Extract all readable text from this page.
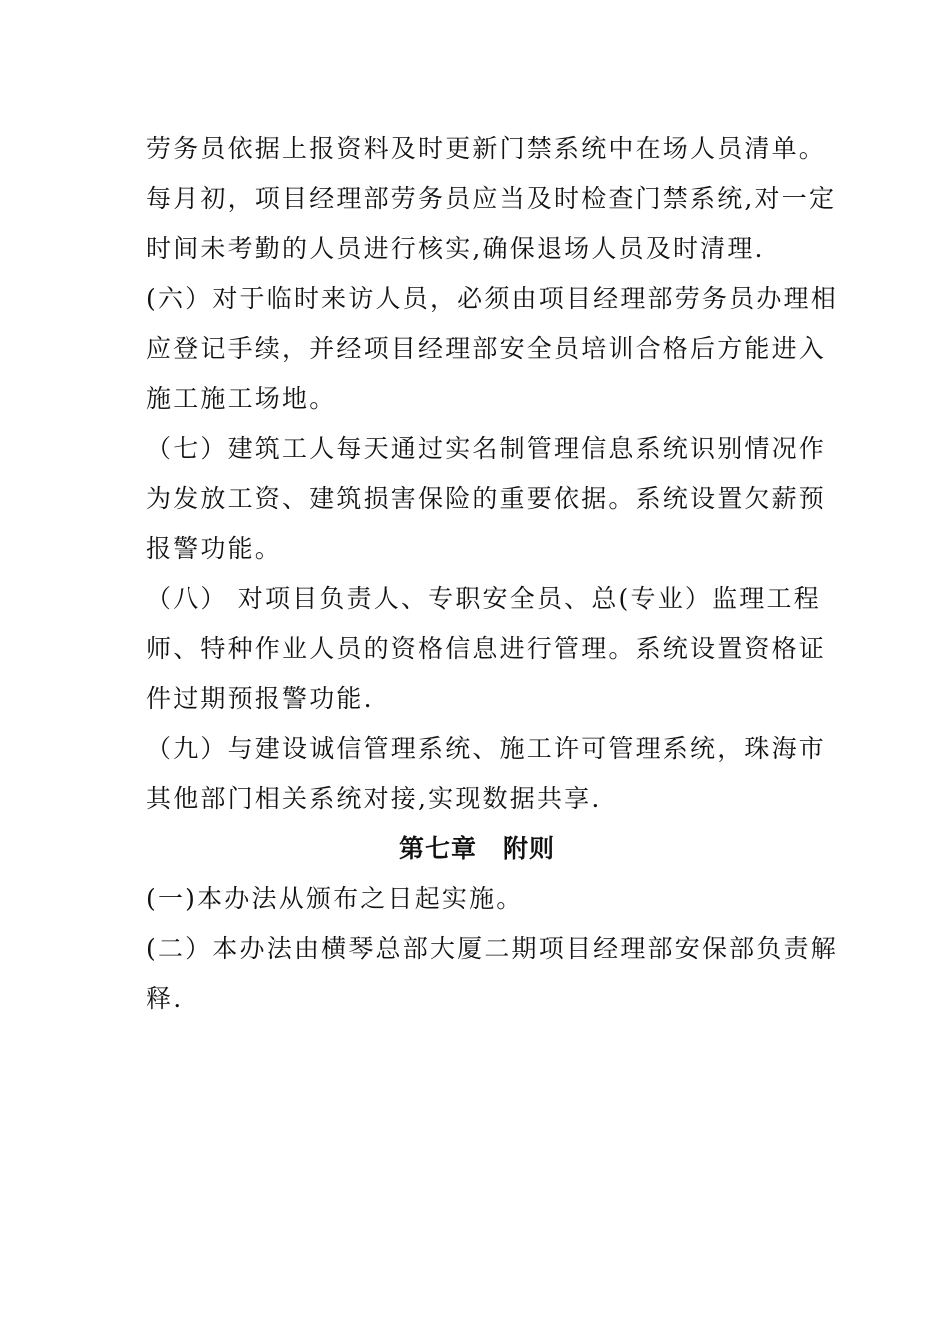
劳务员依据上报资料及时更新门禁系统中在场人员清单。
每月初，项目经理部劳务员应当及时检查门禁系统,对一定
时间未考勤的人员进行核实,确保退场人员及时清理.
(六）对于临时来访人员，必须由项目经理部劳务员办理相
应登记手续，并经项目经理部安全员培训合格后方能进入
施工施工场地。
（七）建筑工人每天通过实名制管理信息系统识别情况作
为发放工资、建筑损害保险的重要依据。系统设置欠薪预
报警功能。
（八） 对项目负责人、专职安全员、总(专业）监理工程
师、特种作业人员的资格信息进行管理。系统设置资格证
件过期预报警功能.
（九）与建设诚信管理系统、施工许可管理系统，珠海市
其他部门相关系统对接,实现数据共享.
第七章　附则
(一)本办法从颁布之日起实施。
(二）本办法由横琴总部大厦二期项目经理部安保部负责解
释.
